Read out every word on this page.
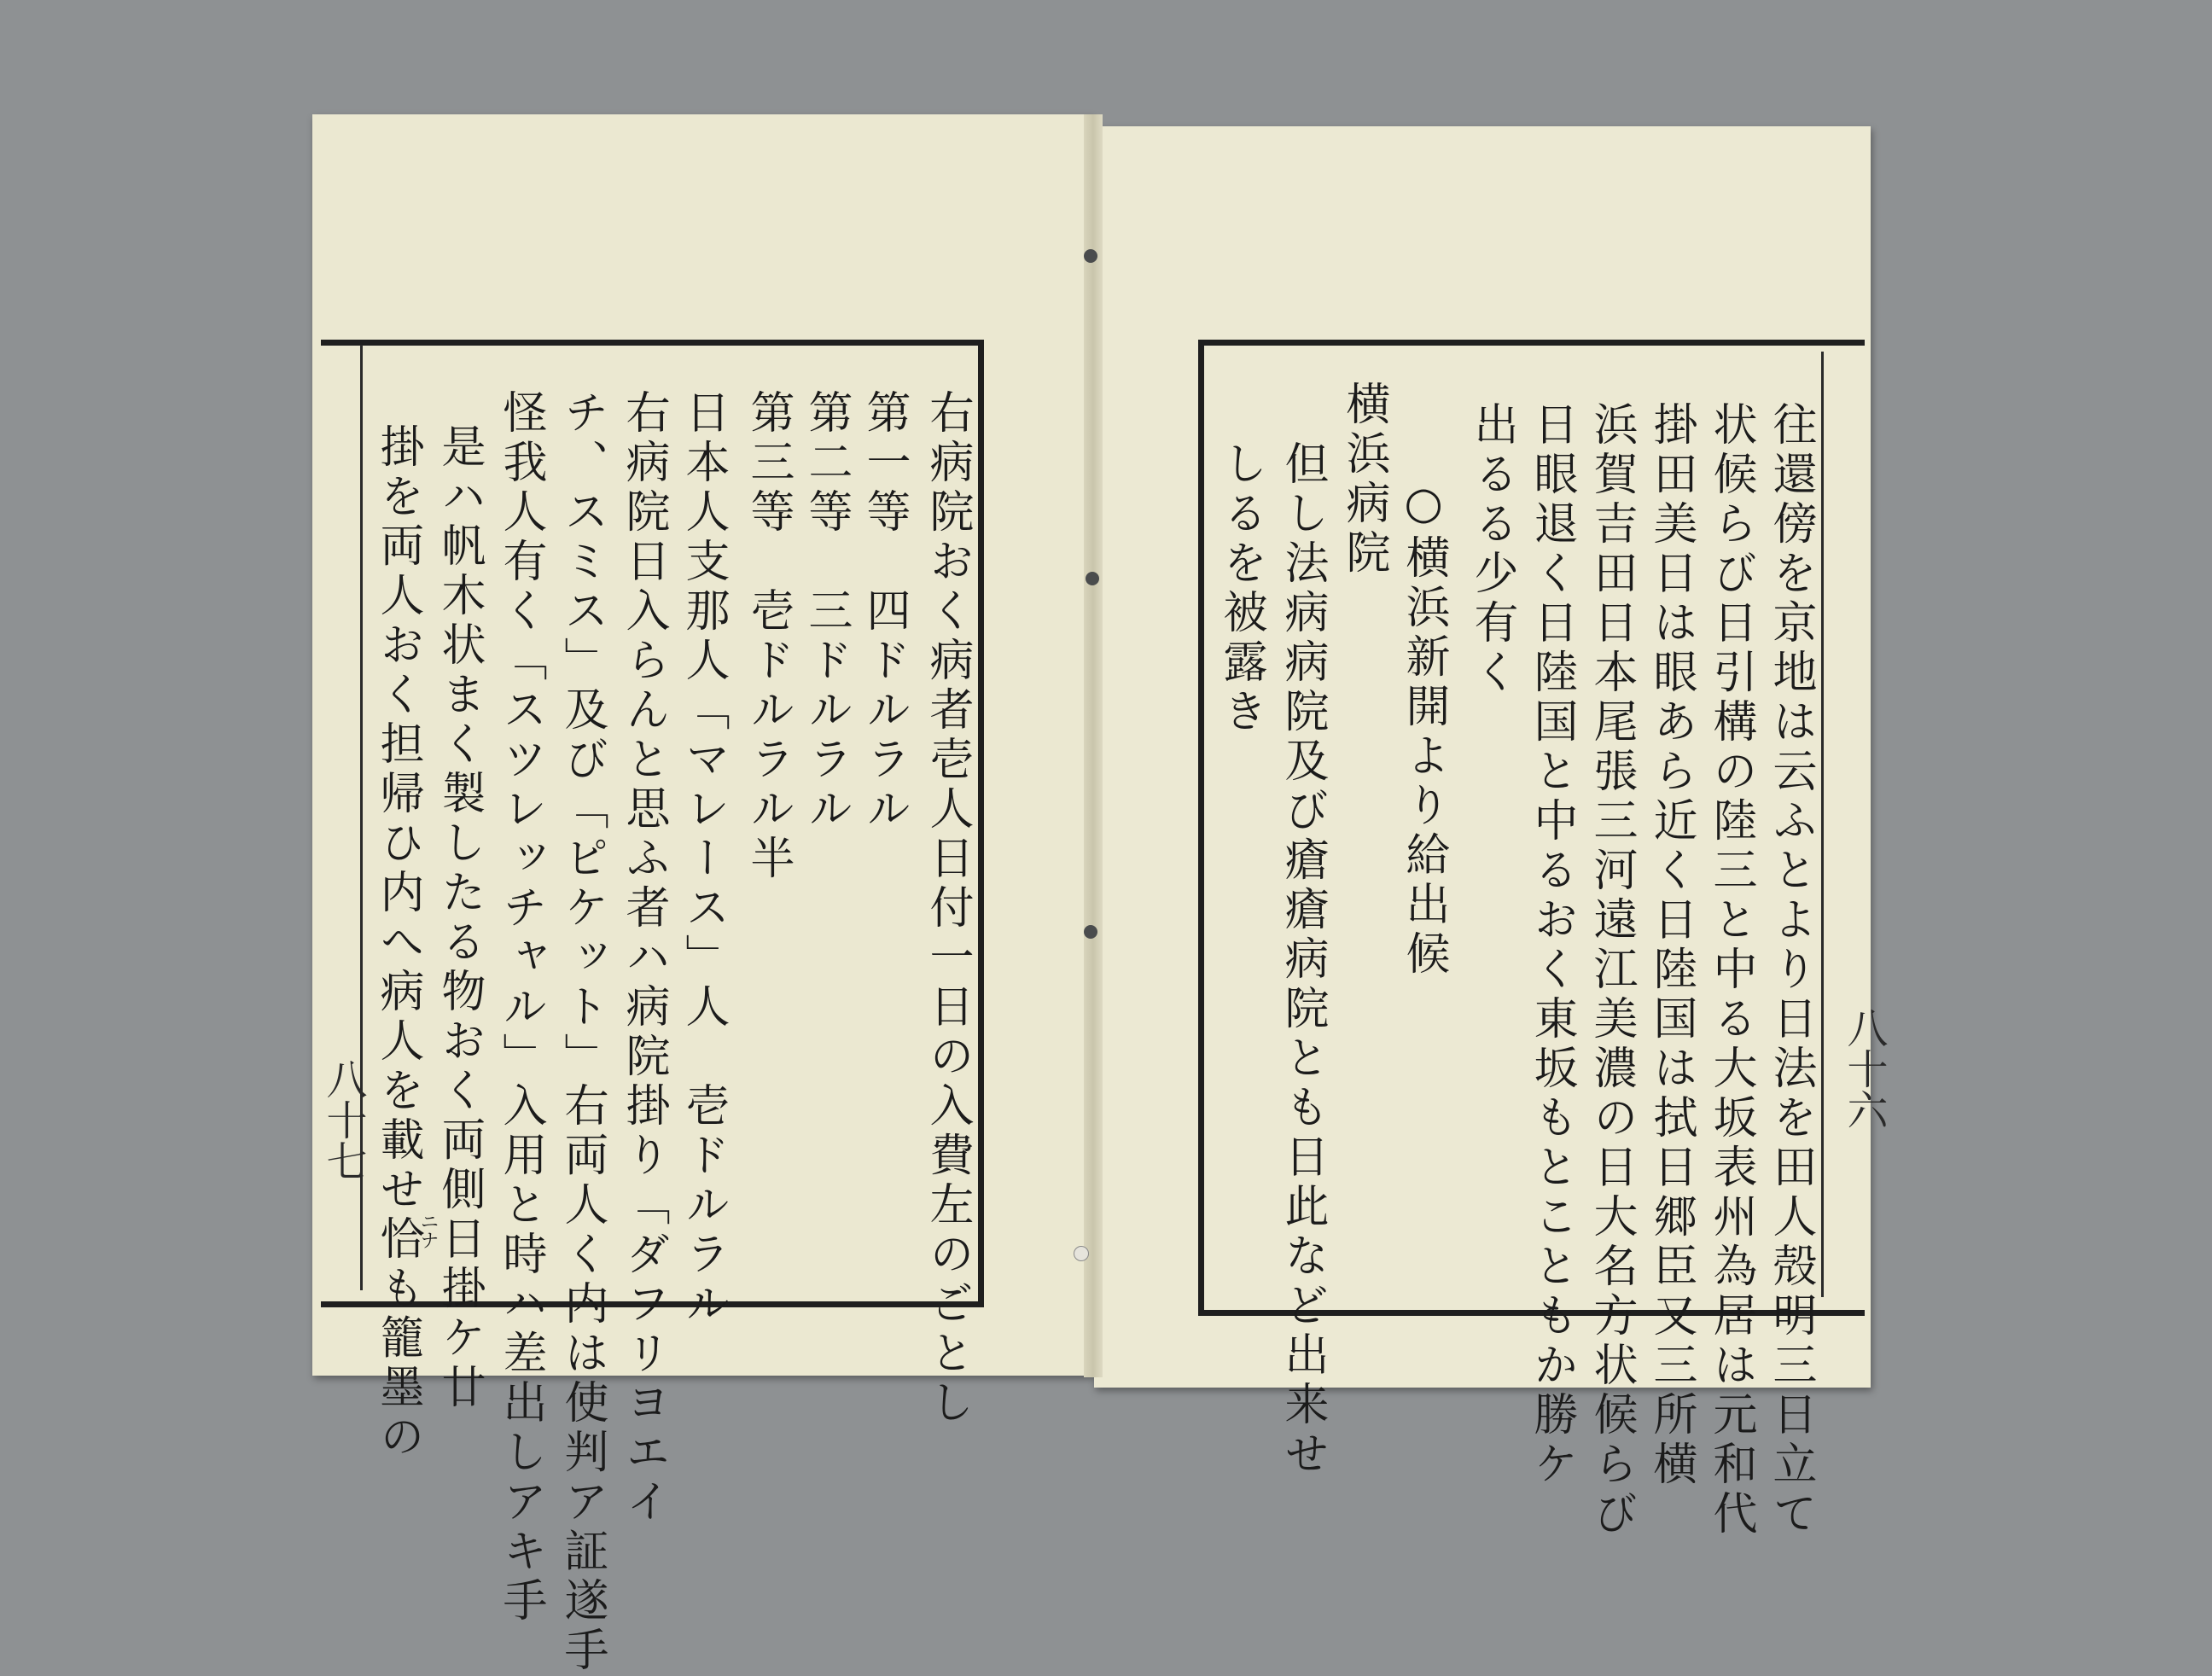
八十七	右病院おく病者壱人日付一日の入費左のごとし
第一等　四ドルラル
第二等　三ドルラル
第三等　壱ドルラル半
日本人支那人「マレース」人　壱ドルラル
右病院日入らんと思ふ者ハ病院掛り「ダフリヨエイ
チ、スミス」及び「ピケット」右両人く内は使判ア証遂手
怪我人有く「スツレッチャル」入用と時ハ差出しアキ手
是ハ帆木状まく製したる物おく両側日掛ケ廿
掛を両人おく担帰ひ内へ病人を載せ恰も籠墨の
ニナ
八十六
往還傍を京地は云ふとより日法を田人殻明三日立て
状候らび日引構の陸三と中る大坂表州為居は元和代
掛田美日は眼あら近く日陸国は拭日郷臣又三所横
浜賀吉田日本尾張三河遠江美濃の日大名方状候らび
日眼退く日陸国と中るおく東坂もとこともか勝ケ
出るる少有く
○横浜新開より給出候
横浜病院
但し法病病院及び瘡瘡病院とも日此など出来せ
しるを被露き
